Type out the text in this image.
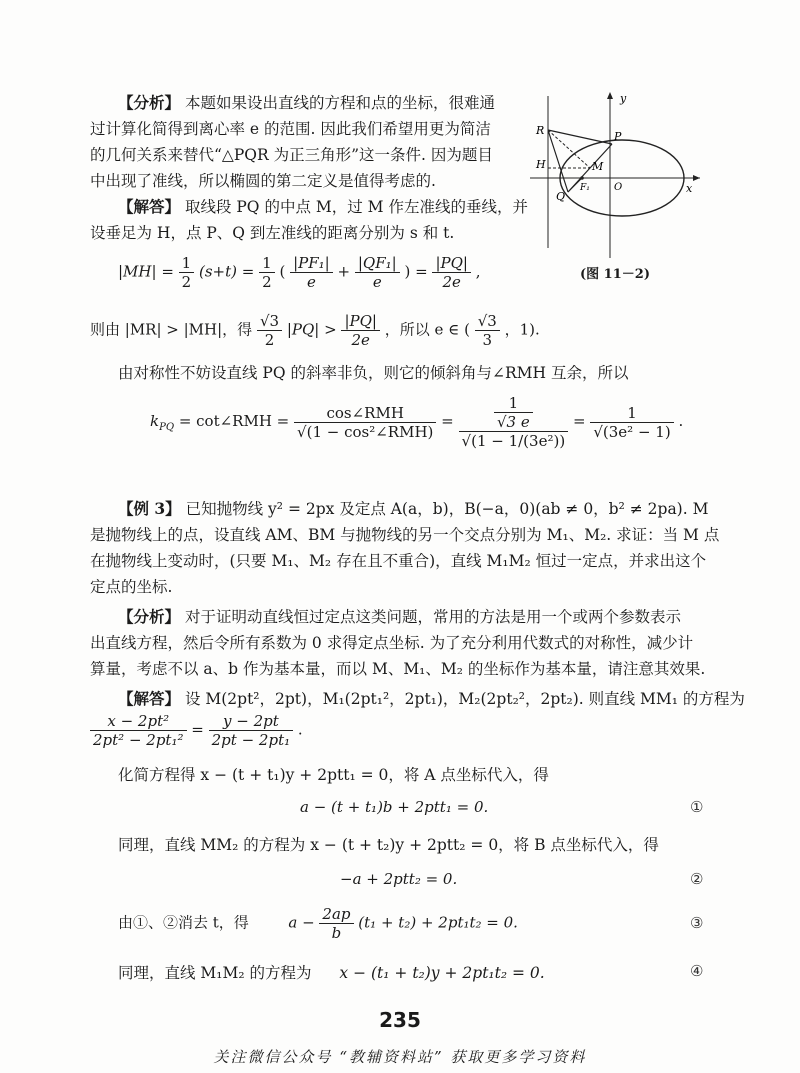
【分析】 本题如果设出直线的方程和点的坐标，很难通
过计算化简得到离心率 e 的范围. 因此我们希望用更为简洁
的几何关系来替代“△PQR 为正三角形”这一条件. 因为题目
中出现了准线，所以椭圆的第二定义是值得考虑的.
【解答】 取线段 PQ 的中点 M，过 M 作左准线的垂线，并
设垂足为 H，点 P、Q 到左准线的距离分别为 s 和 t.
y
R	P
H	M
Q
F₁ O	x
(图 11－2)
$|MH| = \frac{1}{2} (s+t) = \frac{1}{2}$ ( $\frac{\text{|PF₁|}}{e} + \frac{\text{|QF₁|}}{e}$ ) = $\frac{|PQ|}{2e}$ ,
则由 |MR| > |MH|，得 $\frac{√3}{2} |PQ| > \frac{|PQ|}{2e}$ ，所以 e ∈ ( $\frac{√3}{3}$ ，1).
由对称性不妨设直线 PQ 的斜率非负，则它的倾斜角与∠RMH 互余，所以
$k_{PQ}$ = cot∠RMH = $\frac{\text{cos∠RMH}}{\text{√(1 − cos²∠RMH)}} = \frac{\frac{1}{√3 e}}{\text{√(1 − 1/(3e²))}} = \frac{1}{\text{√(3e² − 1)}}$ .
【例 3】 已知抛物线 y² = 2px 及定点 A(a，b)，B(−a，0)(ab ≠ 0，b² ≠ 2pa). M
是抛物线上的点，设直线 AM、BM 与抛物线的另一个交点分别为 M₁、M₂. 求证：当 M 点
在抛物线上变动时，(只要 M₁、M₂ 存在且不重合)，直线 M₁M₂ 恒过一定点，并求出这个
定点的坐标.
【分析】 对于证明动直线恒过定点这类问题，常用的方法是用一个或两个参数表示
出直线方程，然后令所有系数为 0 求得定点坐标. 为了充分利用代数式的对称性，减少计
算量，考虑不以 a、b 作为基本量，而以 M、M₁、M₂ 的坐标作为基本量，请注意其效果.
【解答】 设 M(2pt²，2pt)，M₁(2pt₁²，2pt₁)，M₂(2pt₂²，2pt₂). 则直线 MM₁ 的方程为
$\frac{\text{x − 2pt²}}{\text{2pt² − 2pt₁²}} = \frac{y - 2pt}{\text{2pt − 2pt₁}}$ .
化简方程得 x − (t + t₁)y + 2ptt₁ = 0，将 A 点坐标代入，得
a − (t + t₁)b + 2ptt₁ = 0.	①
同理，直线 MM₂ 的方程为 x − (t + t₂)y + 2ptt₂ = 0，将 B 点坐标代入，得
−a + 2ptt₂ = 0.	②
由①、②消去 t，得	$a - \frac{2ap}{b} (t_1 + t_2) + 2pt_1t_2 = 0$.	③
同理，直线 M₁M₂ 的方程为 x − (t₁ + t₂)y + 2pt₁t₂ = 0.	④
235
关注微信公众号 “教辅资料站” 获取更多学习资料
